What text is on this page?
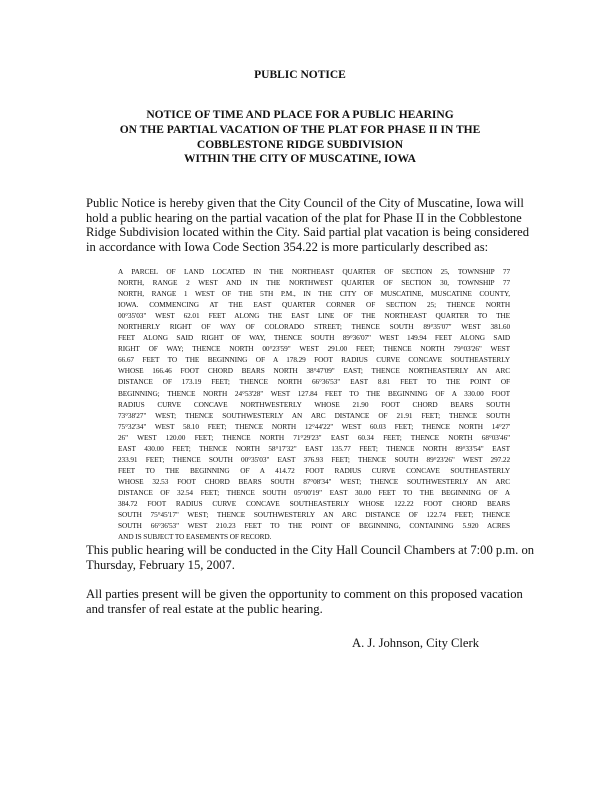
PUBLIC NOTICE
NOTICE OF TIME AND PLACE FOR A PUBLIC HEARING
ON THE PARTIAL VACATION OF THE PLAT FOR PHASE II IN THE
COBBLESTONE RIDGE SUBDIVISION
WITHIN THE CITY OF MUSCATINE, IOWA
Public Notice is hereby given that the City Council of the City of Muscatine, Iowa will
hold a public hearing on the partial vacation of the plat for Phase II in the Cobblestone
Ridge Subdivision located within the City. Said partial plat vacation is being considered
in accordance with Iowa Code Section 354.22 is more particularly described as:
A PARCEL OF LAND LOCATED IN THE NORTHEAST QUARTER OF SECTION 25, TOWNSHIP 77
NORTH, RANGE 2 WEST AND IN THE NORTHWEST QUARTER OF SECTION 30, TOWNSHIP 77
NORTH, RANGE 1 WEST OF THE 5TH P.M., IN THE CITY OF MUSCATINE, MUSCATINE COUNTY,
IOWA. COMMENCING AT THE EAST QUARTER CORNER OF SECTION 25; THENCE NORTH
00°35'03" WEST 62.01 FEET ALONG THE EAST LINE OF THE NORTHEAST QUARTER TO THE
NORTHERLY RIGHT OF WAY OF COLORADO STREET; THENCE SOUTH 89°35'07" WEST 381.60
FEET ALONG SAID RIGHT OF WAY, THENCE SOUTH 89°36'07" WEST 149.94 FEET ALONG SAID
RIGHT OF WAY; THENCE NORTH 00°23'59" WEST 291.00 FEET; THENCE NORTH 79°03'26" WEST
66.67 FEET TO THE BEGINNING OF A 178.29 FOOT RADIUS CURVE CONCAVE SOUTHEASTERLY
WHOSE 166.46 FOOT CHORD BEARS NORTH 38°47'09" EAST; THENCE NORTHEASTERLY AN ARC
DISTANCE OF 173.19 FEET; THENCE NORTH 66°36'53" EAST 8.81 FEET TO THE POINT OF
BEGINNING; THENCE NORTH 24°53'28" WEST 127.84 FEET TO THE BEGINNING OF A 330.00 FOOT
RADIUS CURVE CONCAVE NORTHWESTERLY WHOSE 21.90 FOOT CHORD BEARS SOUTH
73°38'27" WEST; THENCE SOUTHWESTERLY AN ARC DISTANCE OF 21.91 FEET; THENCE SOUTH
75°32'34" WEST 58.10 FEET; THENCE NORTH 12°44'22" WEST 60.03 FEET; THENCE NORTH 14°27'
26" WEST 120.00 FEET; THENCE NORTH 71°29'23" EAST 60.34 FEET; THENCE NORTH 68°03'46"
EAST 430.00 FEET; THENCE NORTH 58°17'32" EAST 135.77 FEET; THENCE NORTH 89°33'54" EAST
233.91 FEET; THENCE SOUTH 00°35'03" EAST 376.93 FEET; THENCE SOUTH 89°23'26" WEST 297.22
FEET TO THE BEGINNING OF A 414.72 FOOT RADIUS CURVE CONCAVE SOUTHEASTERLY
WHOSE 32.53 FOOT CHORD BEARS SOUTH 87°08'34" WEST; THENCE SOUTHWESTERLY AN ARC
DISTANCE OF 32.54 FEET; THENCE SOUTH 05°00'19" EAST 30.00 FEET TO THE BEGINNING OF A
384.72 FOOT RADIUS CURVE CONCAVE SOUTHEASTERLY WHOSE 122.22 FOOT CHORD BEARS
SOUTH 75°45'17" WEST; THENCE SOUTHWESTERLY AN ARC DISTANCE OF 122.74 FEET; THENCE
SOUTH 66°36'53" WEST 210.23 FEET TO THE POINT OF BEGINNING, CONTAINING 5.920 ACRES
AND IS SUBJECT TO EASEMENTS OF RECORD.
This public hearing will be conducted in the City Hall Council Chambers at 7:00 p.m. on
Thursday, February 15, 2007.
All parties present will be given the opportunity to comment on this proposed vacation
and transfer of real estate at the public hearing.
A. J. Johnson, City Clerk
